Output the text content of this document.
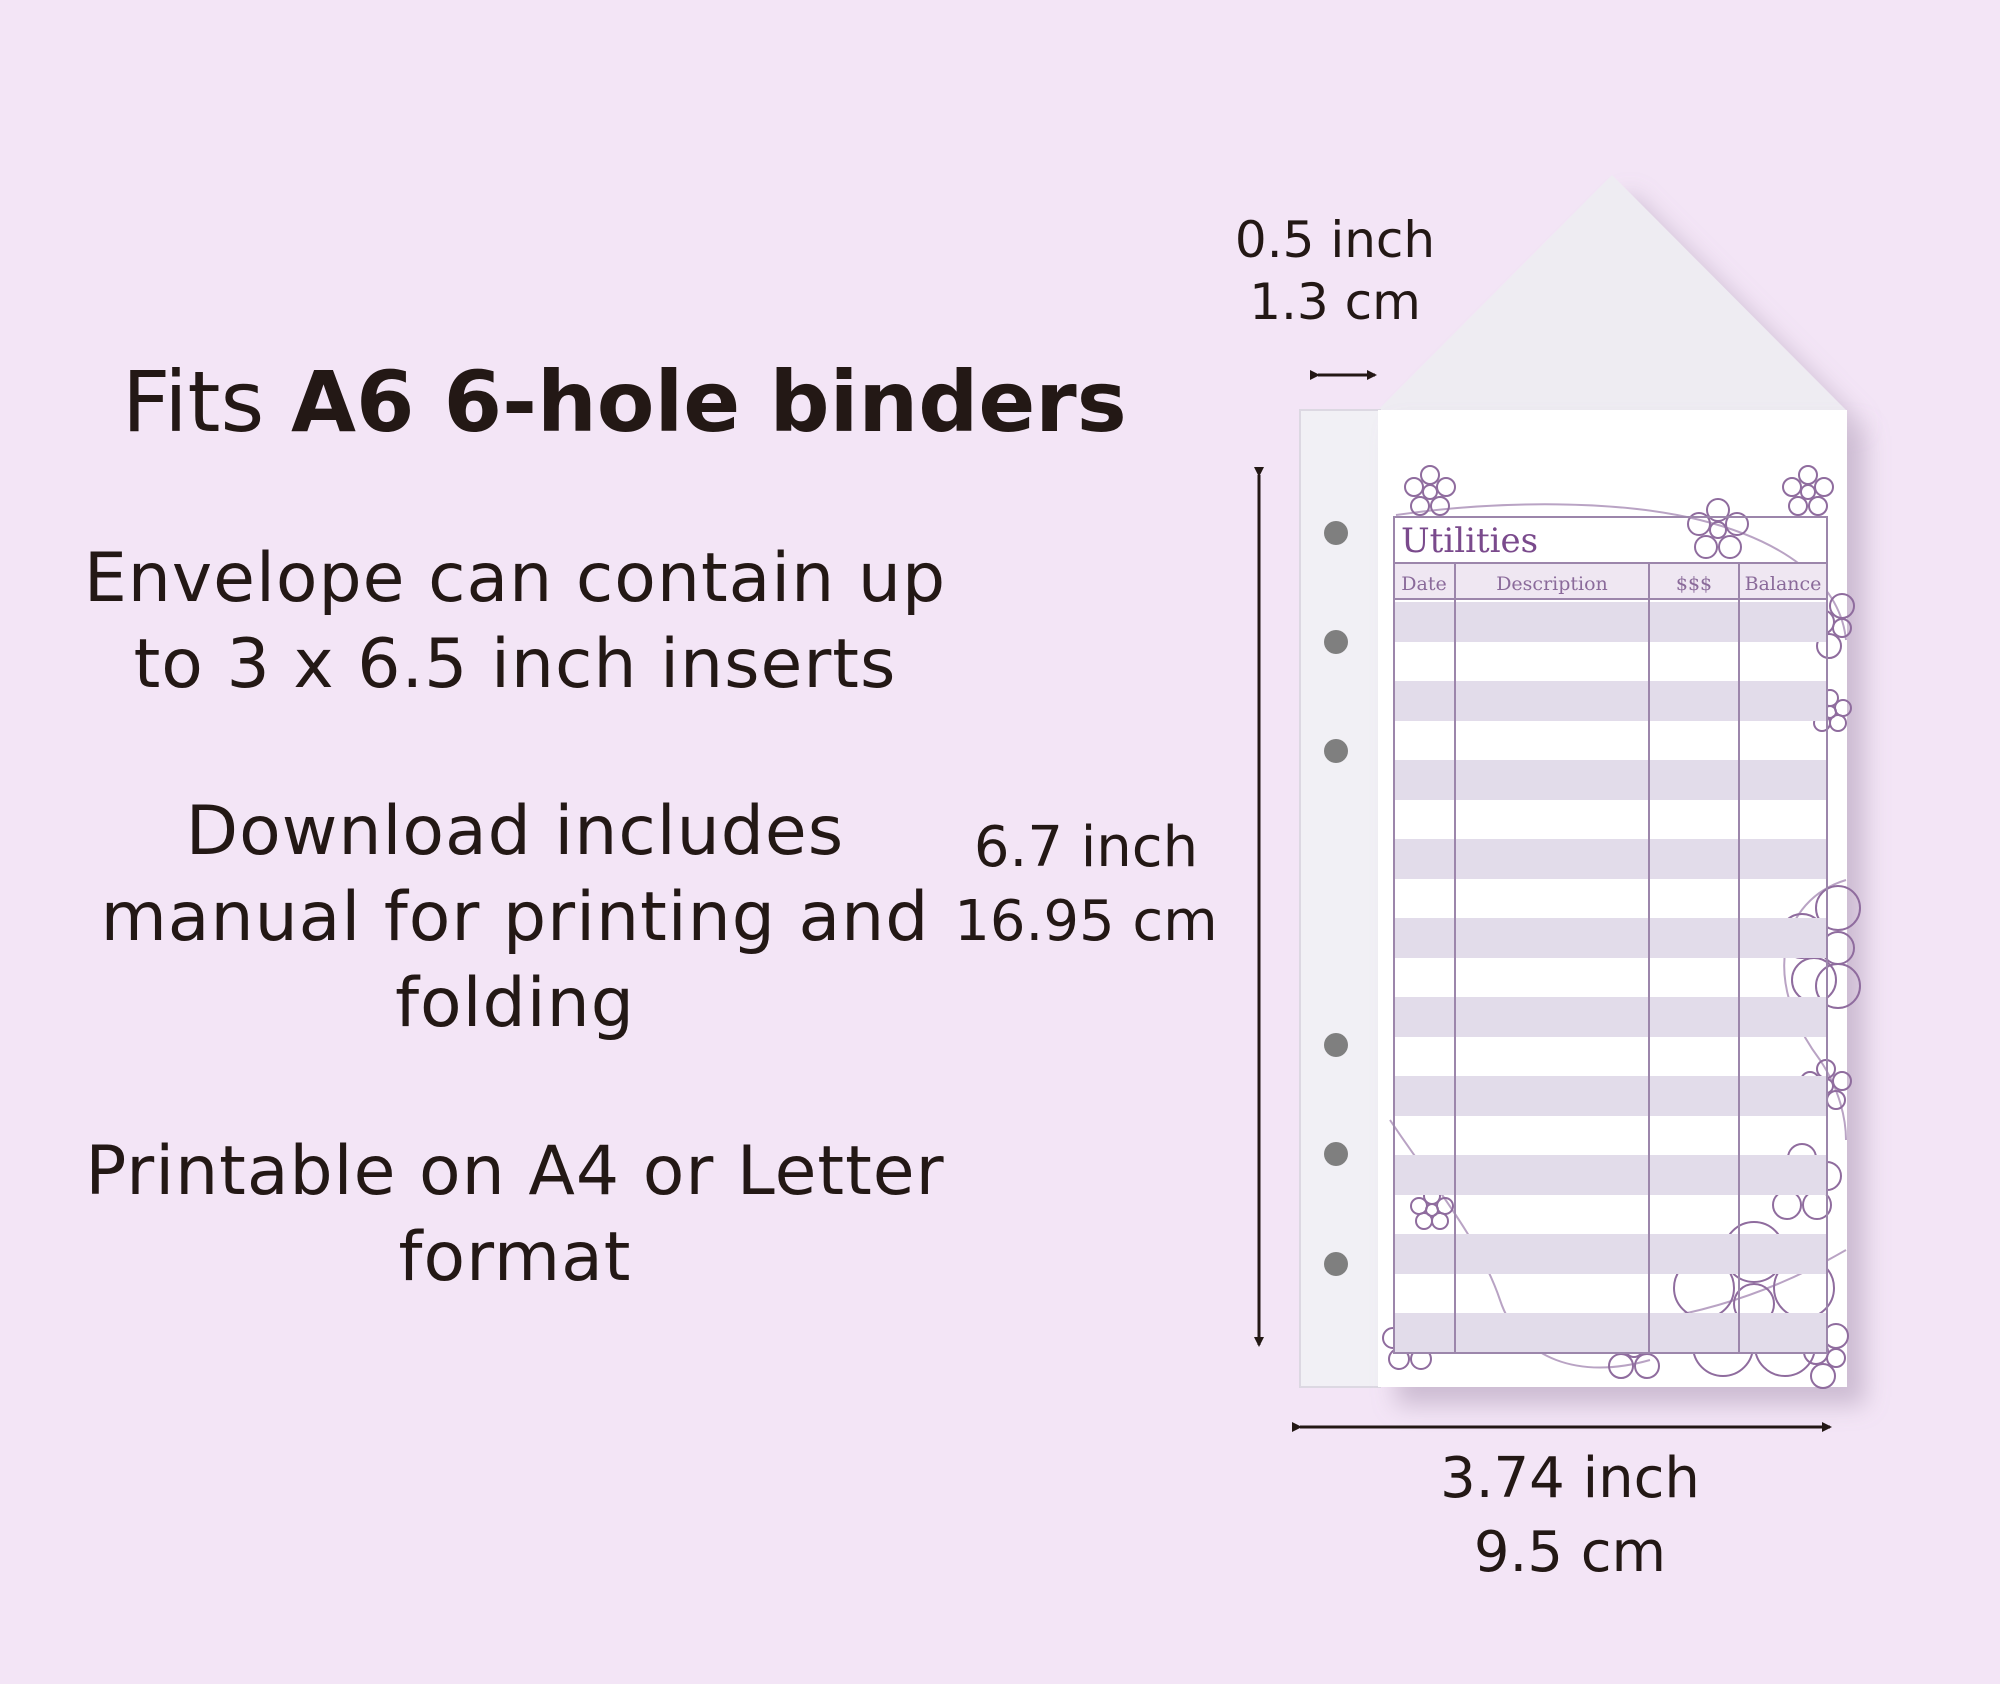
Fits A6 6-hole binders
Envelope can contain up
to 3 x 6.5 inch inserts
Download includes
manual for printing and
folding
Printable on A4 or Letter
format
Utilities
Date	Description	$$$ Balance
0.5 inch
1.3 cm
6.7 inch
16.95 cm
3.74 inch
9.5 cm
